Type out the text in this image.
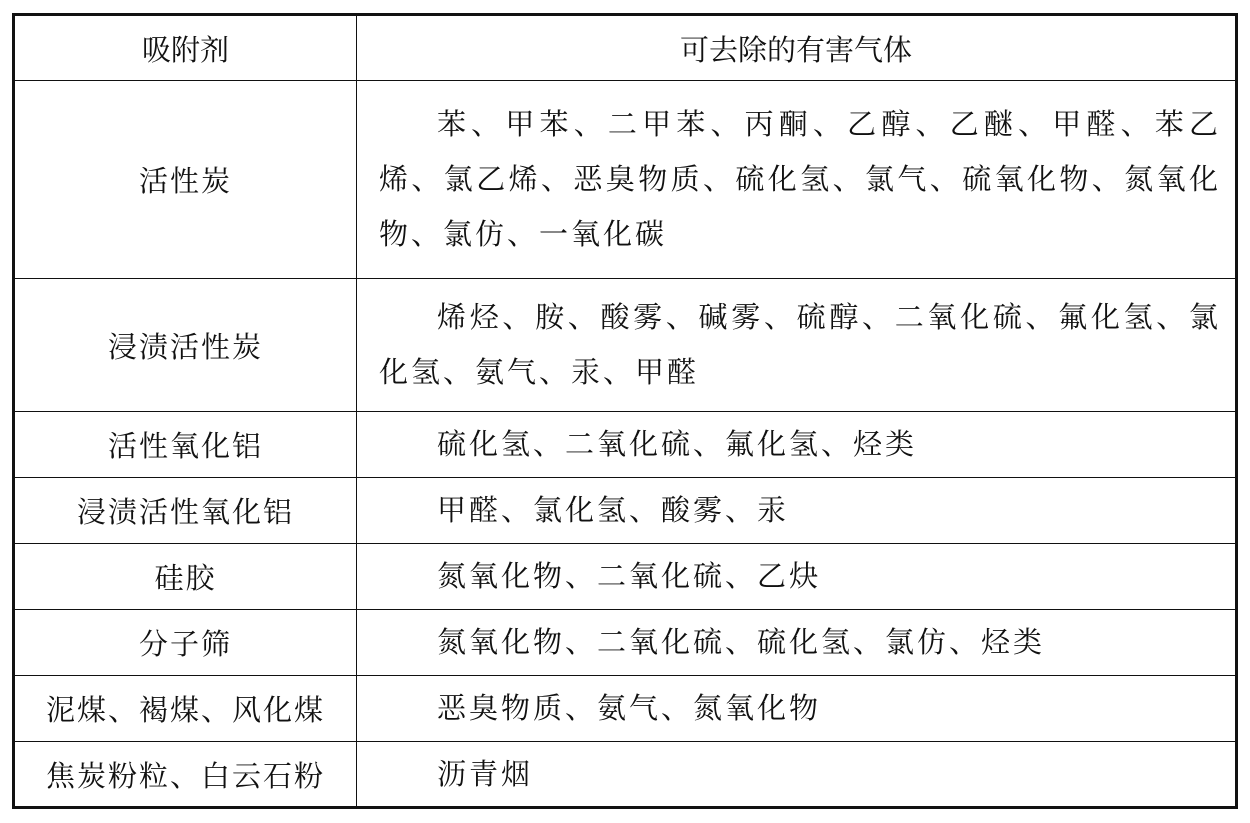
吸附剂	可去除的有害气体
活性炭	苯、甲苯、二甲苯、丙酮、乙醇、乙醚、甲醛、苯乙烯、氯乙烯、恶臭物质、硫化氢、氯气、硫氧化物、氮氧化物、氯仿、一氧化碳

浸渍活性炭	烯烃、胺、酸雾、碱雾、硫醇、二氧化硫、氟化氢、氯化氢、氨气、汞、甲醛

活性氧化铝	硫化氢、二氧化硫、氟化氢、烃类

浸渍活性氧化铝	甲醛、氯化氢、酸雾、汞

硅胶	氮氧化物、二氧化硫、乙炔

分子筛	氮氧化物、二氧化硫、硫化氢、氯仿、烃类

泥煤、褐煤、风化煤	恶臭物质、氨气、氮氧化物

焦炭粉粒、白云石粉	沥青烟
